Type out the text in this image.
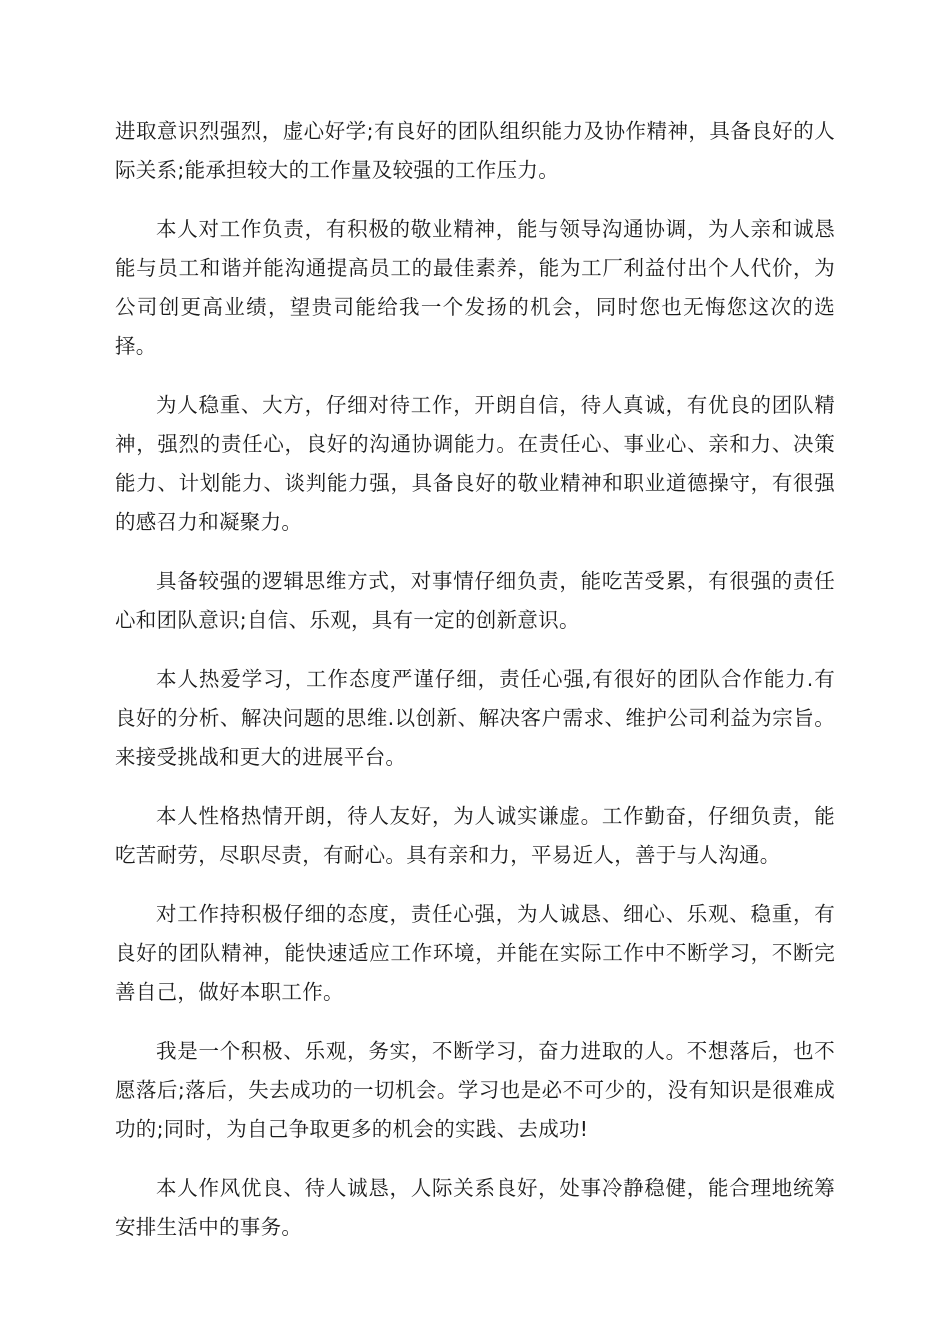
进取意识烈强烈，虚心好学;有良好的团队组织能力及协作精神，具备良好的人际关系;能承担较大的工作量及较强的工作压力。

本人对工作负责，有积极的敬业精神，能与领导沟通协调，为人亲和诚恳能与员工和谐并能沟通提高员工的最佳素养，能为工厂利益付出个人代价，为公司创更高业绩，望贵司能给我一个发扬的机会，同时您也无悔您这次的选择。

为人稳重、大方，仔细对待工作，开朗自信，待人真诚，有优良的团队精神，强烈的责任心，良好的沟通协调能力。在责任心、事业心、亲和力、决策能力、计划能力、谈判能力强，具备良好的敬业精神和职业道德操守，有很强的感召力和凝聚力。

具备较强的逻辑思维方式，对事情仔细负责，能吃苦受累，有很强的责任心和团队意识;自信、乐观，具有一定的创新意识。

本人热爱学习，工作态度严谨仔细，责任心强,有很好的团队合作能力.有良好的分析、解决问题的思维.以创新、解决客户需求、维护公司利益为宗旨。来接受挑战和更大的进展平台。

本人性格热情开朗，待人友好，为人诚实谦虚。工作勤奋，仔细负责，能吃苦耐劳，尽职尽责，有耐心。具有亲和力，平易近人，善于与人沟通。

对工作持积极仔细的态度，责任心强，为人诚恳、细心、乐观、稳重，有良好的团队精神，能快速适应工作环境，并能在实际工作中不断学习，不断完善自己，做好本职工作。

我是一个积极、乐观，务实，不断学习，奋力进取的人。不想落后，也不愿落后;落后，失去成功的一切机会。学习也是必不可少的，没有知识是很难成功的;同时，为自己争取更多的机会的实践、去成功!

本人作风优良、待人诚恳，人际关系良好，处事冷静稳健，能合理地统筹安排生活中的事务。
